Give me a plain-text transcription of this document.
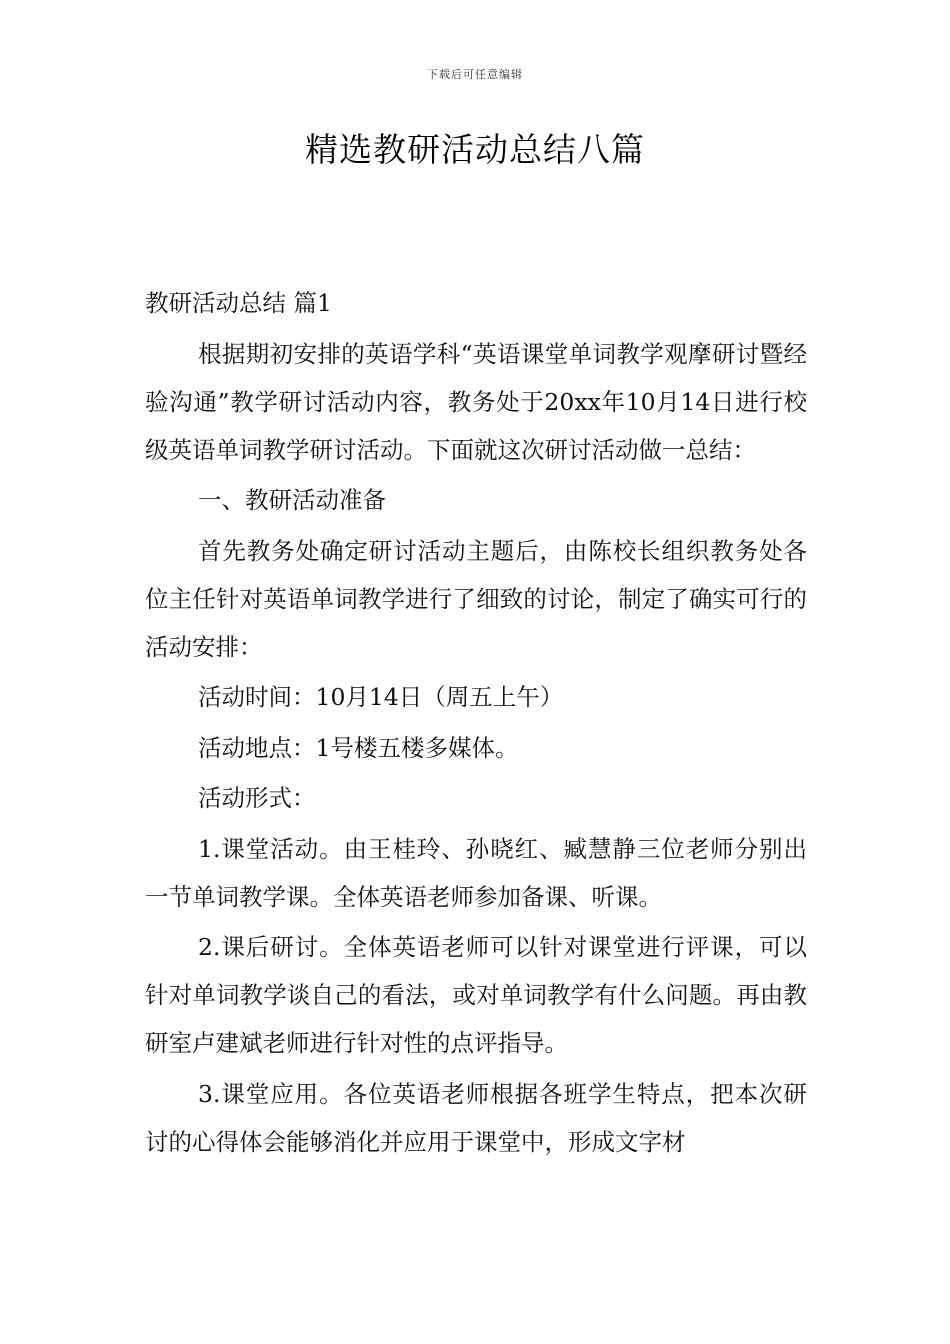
下载后可任意编辑
精选教研活动总结八篇

教研活动总结 篇1

根据期初安排的英语学科“英语课堂单词教学观摩研讨暨经验沟通”教学研讨活动内容，教务处于20xx年10月14日进行校级英语单词教学研讨活动。下面就这次研讨活动做一总结：

一、教研活动准备

首先教务处确定研讨活动主题后，由陈校长组织教务处各位主任针对英语单词教学进行了细致的讨论，制定了确实可行的活动安排：

活动时间：10月14日（周五上午）

活动地点：1号楼五楼多媒体。

活动形式：

1.课堂活动。由王桂玲、孙晓红、臧慧静三位老师分别出一节单词教学课。全体英语老师参加备课、听课。

2.课后研讨。全体英语老师可以针对课堂进行评课，可以针对单词教学谈自己的看法，或对单词教学有什么问题。再由教研室卢建斌老师进行针对性的点评指导。

3.课堂应用。各位英语老师根据各班学生特点，把本次研讨的心得体会能够消化并应用于课堂中，形成文字材
